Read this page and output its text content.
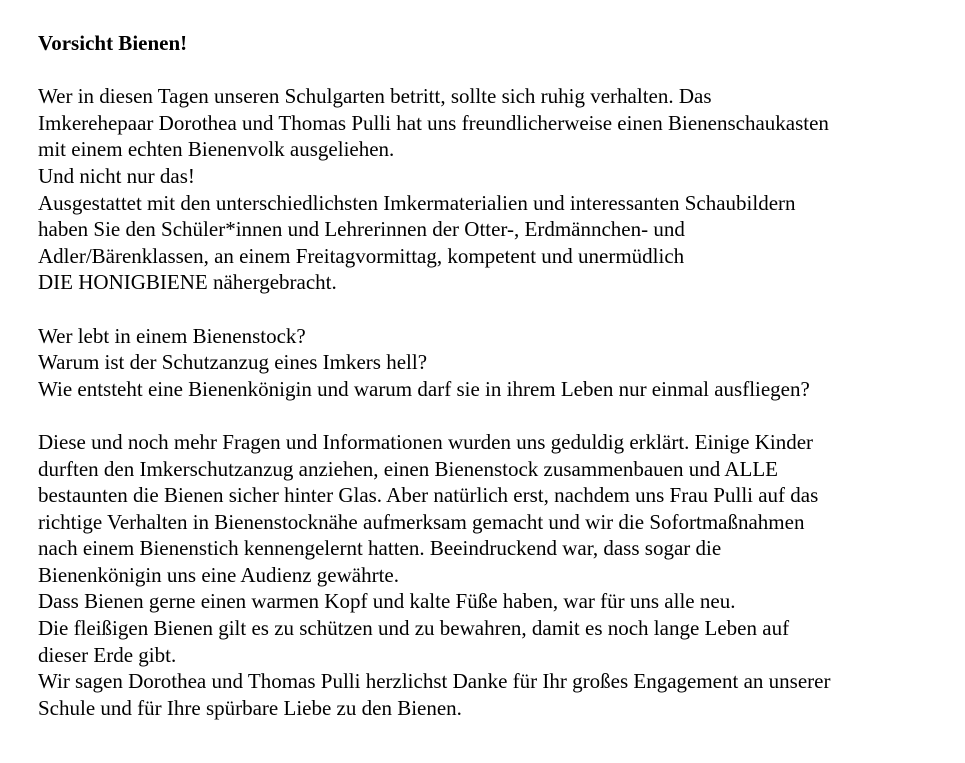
Vorsicht Bienen!
Wer in diesen Tagen unseren Schulgarten betritt, sollte sich ruhig verhalten. Das
Imkerehepaar Dorothea und Thomas Pulli hat uns freundlicherweise einen Bienenschaukasten
mit einem echten Bienenvolk ausgeliehen.
Und nicht nur das!
Ausgestattet mit den unterschiedlichsten Imkermaterialien und interessanten Schaubildern
haben Sie den Schüler*innen und Lehrerinnen der Otter-, Erdmännchen- und
Adler/Bärenklassen, an einem Freitagvormittag, kompetent und unermüdlich
DIE HONIGBIENE nähergebracht.
Wer lebt in einem Bienenstock?
Warum ist der Schutzanzug eines Imkers hell?
Wie entsteht eine Bienenkönigin und warum darf sie in ihrem Leben nur einmal ausfliegen?
Diese und noch mehr Fragen und Informationen wurden uns geduldig erklärt. Einige Kinder
durften den Imkerschutzanzug anziehen, einen Bienenstock zusammenbauen und ALLE
bestaunten die Bienen sicher hinter Glas. Aber natürlich erst, nachdem uns Frau Pulli auf das
richtige Verhalten in Bienenstocknähe aufmerksam gemacht und wir die Sofortmaßnahmen
nach einem Bienenstich kennengelernt hatten. Beeindruckend war, dass sogar die
Bienenkönigin uns eine Audienz gewährte.
Dass Bienen gerne einen warmen Kopf und kalte Füße haben, war für uns alle neu.
Die fleißigen Bienen gilt es zu schützen und zu bewahren, damit es noch lange Leben auf
dieser Erde gibt.
Wir sagen Dorothea und Thomas Pulli herzlichst Danke für Ihr großes Engagement an unserer
Schule und für Ihre spürbare Liebe zu den Bienen.
